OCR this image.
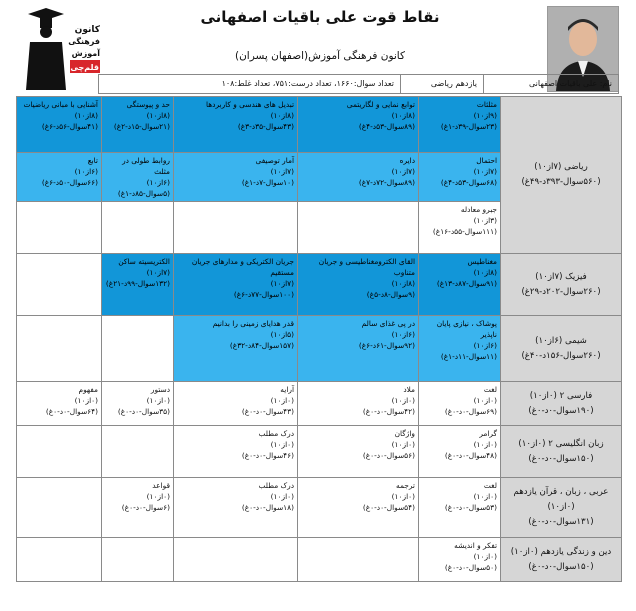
کانون
فرهنگی
آموزش
قلم‌چی
نقاط قوت علی باقیات اصفهانی
کانون فرهنگی آموزش(اصفهان پسران)
نام: علی باقیات اصفهانی
یازدهم ریاضی
تعداد سوال:۱۶۶۰، تعداد درست:۷۵۱، تعداد غلط:۱۰۸
ریاضی (۷از۱۰)
(۵۶۰سوال-۳۹۳د-۴۹غ)	مثلثات
(۹از۱۰)
(۲۳سوال-۳۹د-۱غ)	توابع نمایی و لگاریتمی
(۸از۱۰)
(۸۹سوال-۵۳د-۴غ)	تبدیل های هندسی و کاربردها
(۸از۱۰)
(۴۳سوال-۳۵د-۳غ)	حد و پیوستگی
(۸از۱۰)
(۲۱سوال-۱۵د-۲غ)	آشنایی با مبانی ریاضیات
(۸از۱۰)
(۴۱سوال-۵۶د-۶غ)

	احتمال
(۷از۱۰)
(۶۸سوال-۵۳د-۴غ)	دایره
(۷از۱۰)
(۸۹سوال-۷۲د-۷غ)	آمار توصیفی
(۷از۱۰)
(۱۰سوال-۷د-۱غ)	روابط طولی در مثلث
(۶از۱۰)
(۵سوال-۸۵د-۱غ)	تابع
(۶از۱۰)
(۶۶سوال-۵۰د-۶غ)

	جبرو معادله
(۳از۱۰)
(۱۱۱سوال-۵۵د-۱۶غ)				

فیزیک (۷از۱۰)
(۲۶۰سوال-۲۰۲د-۲۹غ)	مغناطیس
(۸از۱۰)
(۹۱سوال-۸۷د-۱۳غ)	القای الکترومغناطیسی و جریان متناوب
(۸از۱۰)
(۹سوال-۸د-۵غ)	جریان الکتریکی و مدارهای جریان مستقیم
(۷از۱۰)
(۱۰۰سوال-۷۷د-۶غ)	الکتریسیته ساکن
(۷از۱۰)
(۱۳۲سوال-۹۹د-۲۱غ)	

شیمی (۶از۱۰)
(۲۶۰سوال-۱۵۶د-۴۰غ)	پوشاک ، نیازی پایان ناپذیر
(۶از۱۰)
(۱۱سوال-۱۱د-۱غ)	در پی غذای سالم
(۶از۱۰)
(۹۲سوال-۶۱د-۶غ)	قدر هدایای زمینی را بدانیم
(۵از۱۰)
(۱۵۷سوال-۸۴د-۳۲غ)		

فارسی ۲ (۰از۱۰)
(۱۹۰سوال-۰د-۰غ)	لغت
(۰از۱۰)
(۶۹سوال-۰د-۰غ)	ملاد
(۰از۱۰)
(۴۲سوال-۰د-۰غ)	آرایه
(۰از۱۰)
(۴۳سوال-۰د-۰غ)	دستور
(۰از۱۰)
(۳۵سوال-۰د-۰غ)	مفهوم
(۰از۱۰)
(۶۴سوال-۰د-۰غ)

زبان انگلیسی ۲ (۰از۱۰)
(۱۵۰سوال-۰د-۰غ)	گرامر
(۰از۱۰)
(۴۸سوال-۰د-۰غ)	واژگان
(۰از۱۰)
(۵۶سوال-۰د-۰غ)	درک مطلب
(۰از۱۰)
(۴۶سوال-۰د-۰غ)		

عربی ، زبان ، قرآن یازدهم (۰از۱۰)
(۱۳۱سوال-۰د-۰غ)	لغت
(۰از۱۰)
(۵۳سوال-۰د-۰غ)	ترجمه
(۰از۱۰)
(۵۴سوال-۰د-۰غ)	درک مطلب
(۰از۱۰)
(۱۸سوال-۰د-۰غ)	قواعد
(۰از۱۰)
(۶سوال-۰د-۰غ)	

دین و زندگی یازدهم (۰از۱۰)
(۱۵۰سوال-۰د-۰غ)	تفکر و اندیشه
(۰از۱۰)
(۵۰سوال-۰د-۰غ)				
